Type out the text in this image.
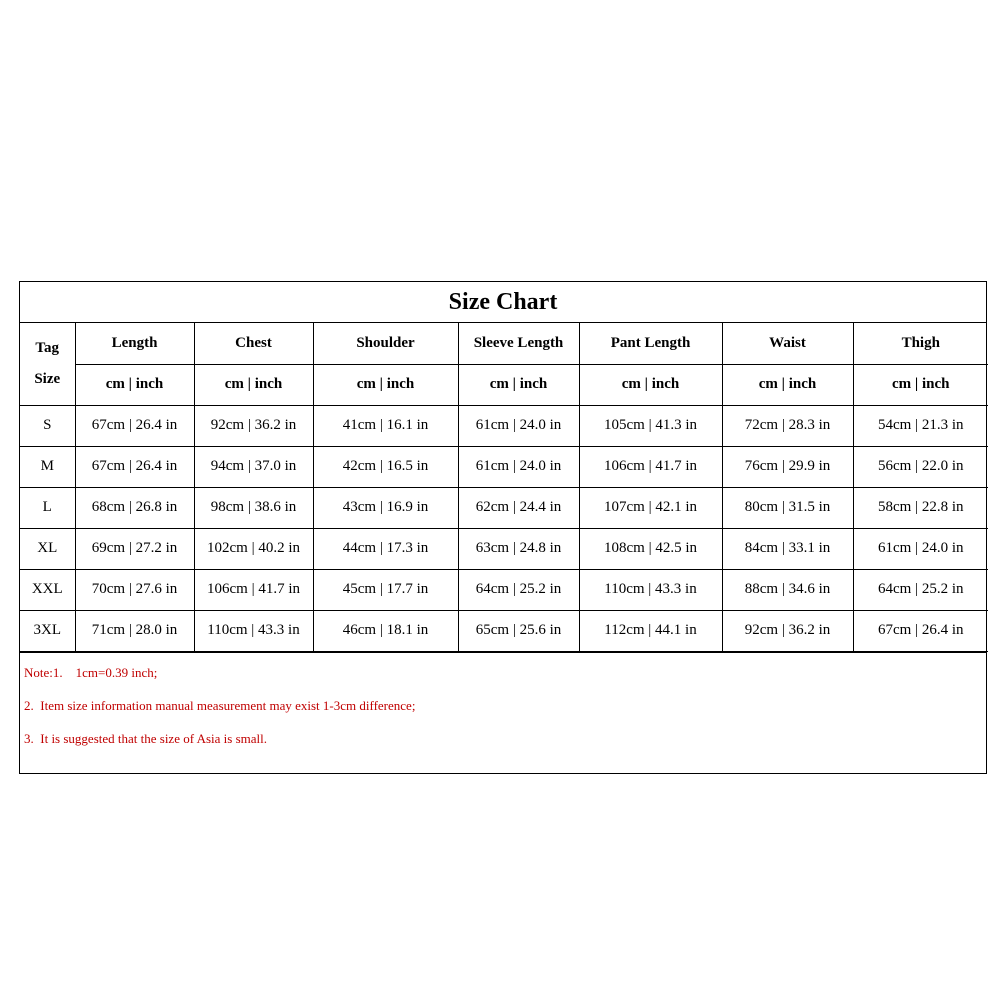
Size Chart
Tag
Size	Length	Chest	Shoulder	Sleeve Length	Pant Length	Waist	Thigh
	cm | inch	cm | inch	cm | inch	cm | inch	cm | inch	cm | inch	cm | inch
S	67cm | 26.4 in	92cm | 36.2 in	41cm | 16.1 in	61cm | 24.0 in	105cm | 41.3 in	72cm | 28.3 in	54cm | 21.3 in
M	67cm | 26.4 in	94cm | 37.0 in	42cm | 16.5 in	61cm | 24.0 in	106cm | 41.7 in	76cm | 29.9 in	56cm | 22.0 in
L	68cm | 26.8 in	98cm | 38.6 in	43cm | 16.9 in	62cm | 24.4 in	107cm | 42.1 in	80cm | 31.5 in	58cm | 22.8 in
XL	69cm | 27.2 in	102cm | 40.2 in	44cm | 17.3 in	63cm | 24.8 in	108cm | 42.5 in	84cm | 33.1 in	61cm | 24.0 in
XXL	70cm | 27.6 in	106cm | 41.7 in	45cm | 17.7 in	64cm | 25.2 in	110cm | 43.3 in	88cm | 34.6 in	64cm | 25.2 in
3XL	71cm | 28.0 in	110cm | 43.3 in	46cm | 18.1 in	65cm | 25.6 in	112cm | 44.1 in	92cm | 36.2 in	67cm | 26.4 in
Note:1.    1cm=0.39 inch;
2.  Item size information manual measurement may exist 1-3cm difference;
3.  It is suggested that the size of Asia is small.
